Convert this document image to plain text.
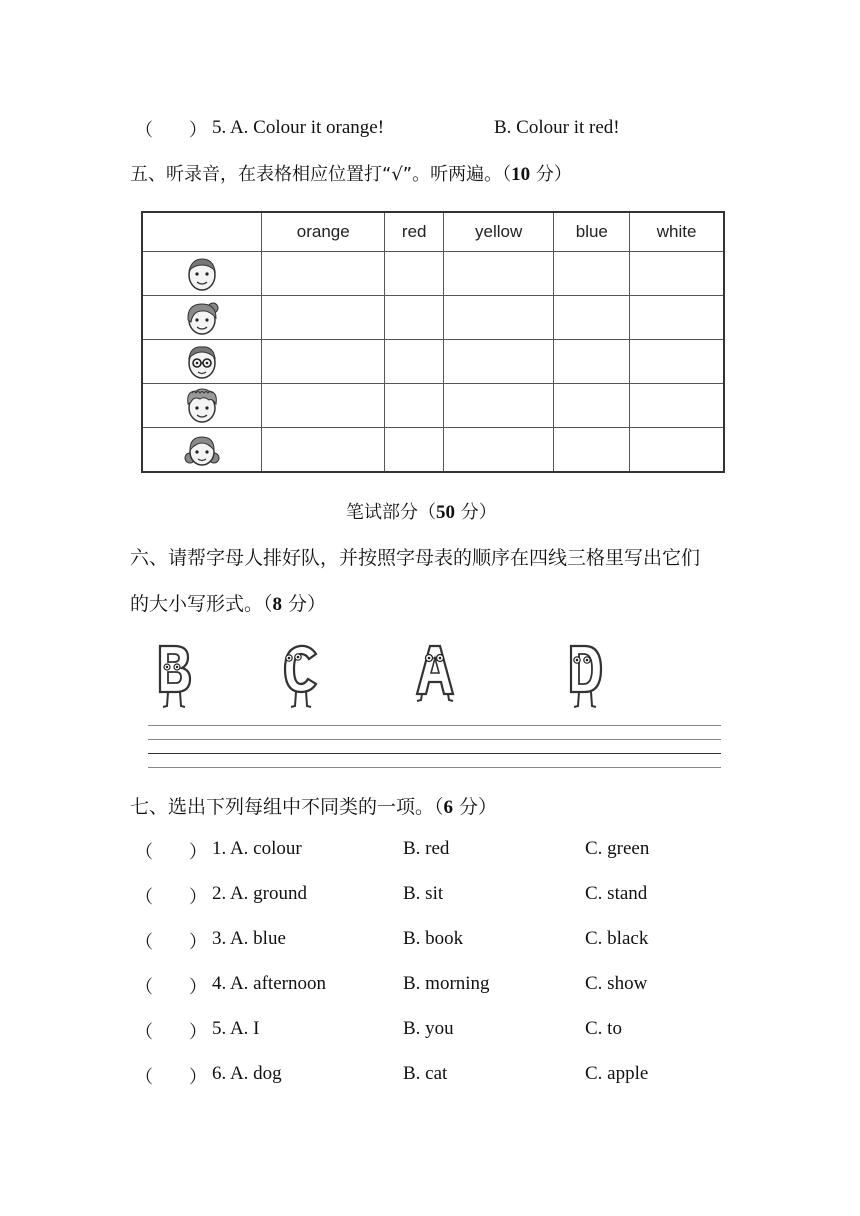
（　　） 5. A. Colour it orange!	B. Colour it red!
五、听录音，在表格相应位置打“√”。听两遍。（10 分）
	orange	red	yellow	blue	white

笔试部分（50 分）
六、请帮字母人排好队，并按照字母表的顺序在四线三格里写出它们
的大小写形式。（8 分）
七、选出下列每组中不同类的一项。（6 分）
（　　） 1. A. colour	B. red	C. green
（　　） 2. A. ground	B. sit	C. stand
（　　） 3. A. blue	B. book	C. black
（　　） 4. A. afternoon	B. morning	C. show
（　　） 5. A. I	B. you	C. to
（　　） 6. A. dog	B. cat	C. apple
